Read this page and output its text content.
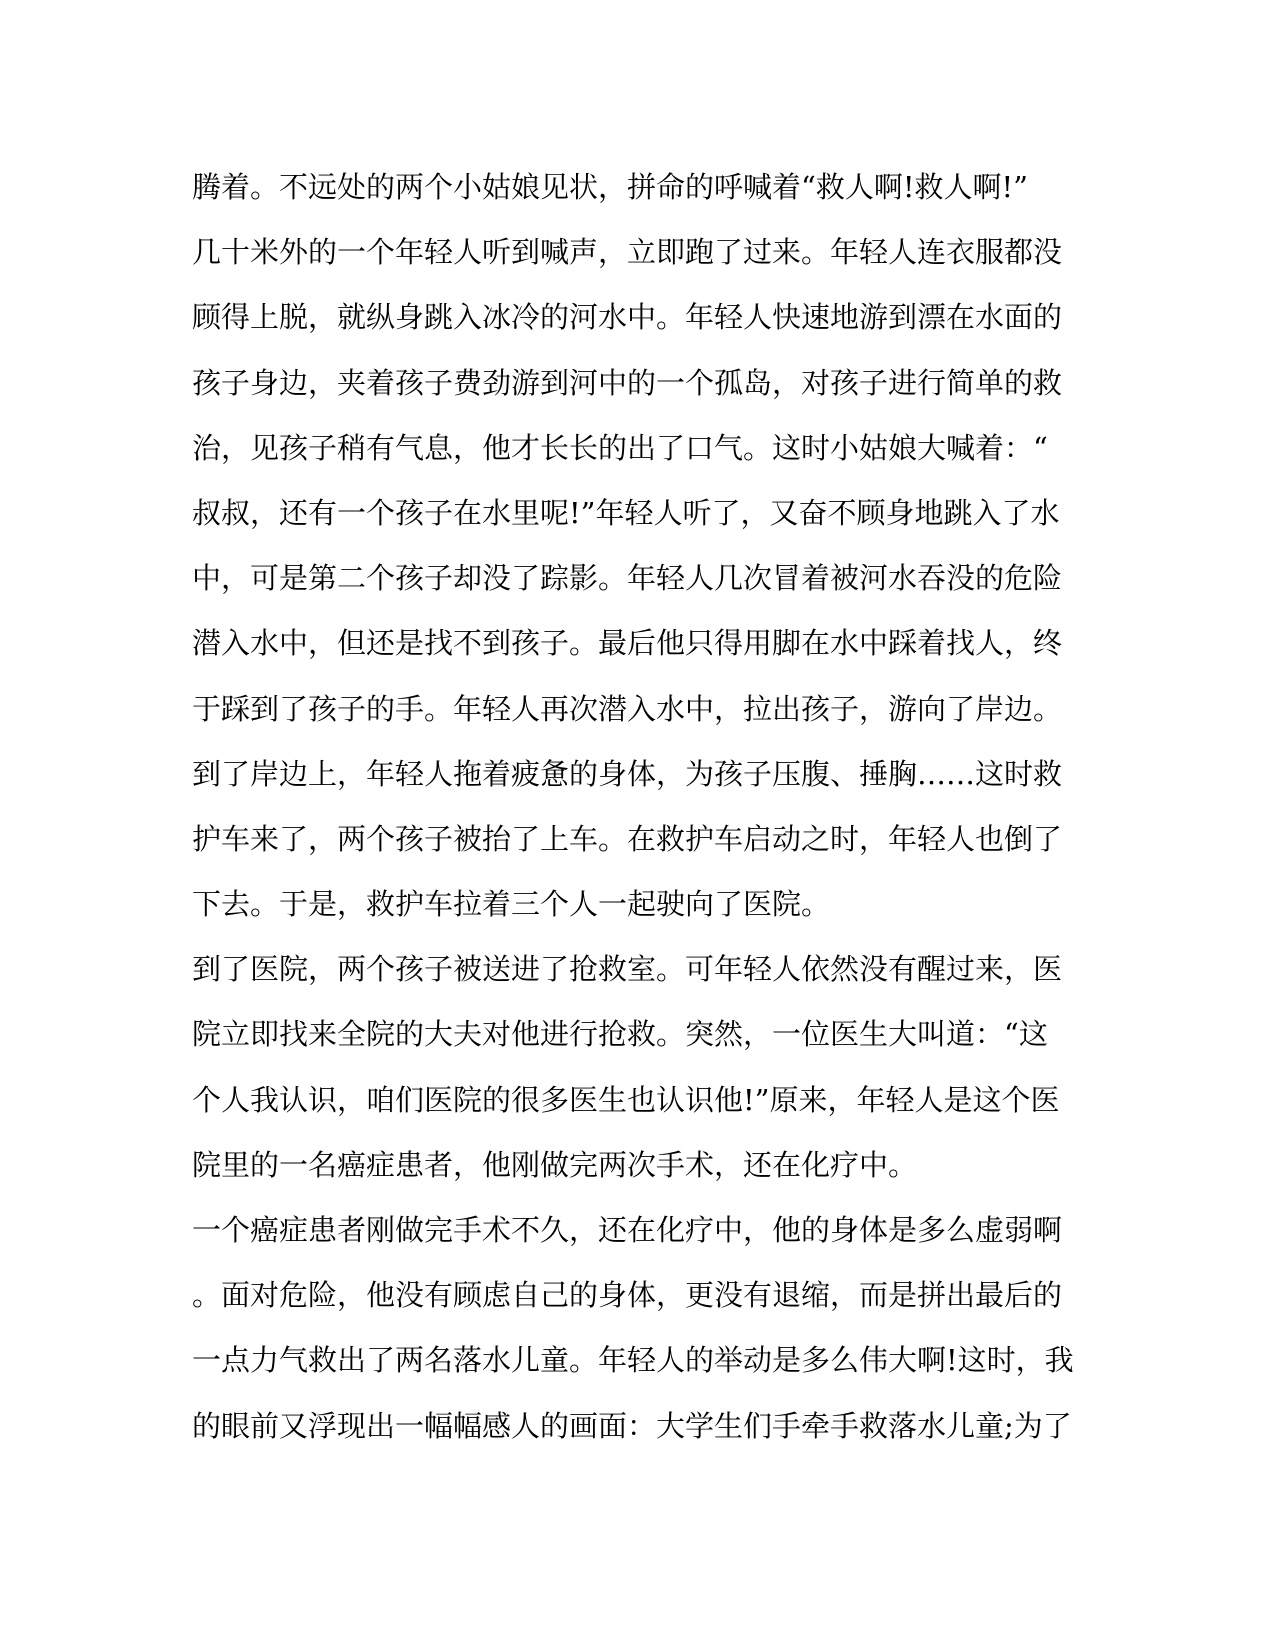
腾着。不远处的两个小姑娘见状，拼命的呼喊着“救人啊!救人啊!”
几十米外的一个年轻人听到喊声，立即跑了过来。年轻人连衣服都没
顾得上脱，就纵身跳入冰冷的河水中。年轻人快速地游到漂在水面的
孩子身边，夹着孩子费劲游到河中的一个孤岛，对孩子进行简单的救
治，见孩子稍有气息，他才长长的出了口气。这时小姑娘大喊着：“
叔叔，还有一个孩子在水里呢!”年轻人听了，又奋不顾身地跳入了水
中，可是第二个孩子却没了踪影。年轻人几次冒着被河水吞没的危险
潜入水中，但还是找不到孩子。最后他只得用脚在水中踩着找人，终
于踩到了孩子的手。年轻人再次潜入水中，拉出孩子，游向了岸边。
到了岸边上，年轻人拖着疲惫的身体，为孩子压腹、捶胸……这时救
护车来了，两个孩子被抬了上车。在救护车启动之时，年轻人也倒了
下去。于是，救护车拉着三个人一起驶向了医院。
到了医院，两个孩子被送进了抢救室。可年轻人依然没有醒过来，医
院立即找来全院的大夫对他进行抢救。突然，一位医生大叫道：“这
个人我认识，咱们医院的很多医生也认识他!”原来，年轻人是这个医
院里的一名癌症患者，他刚做完两次手术，还在化疗中。
一个癌症患者刚做完手术不久，还在化疗中，他的身体是多么虚弱啊
。面对危险，他没有顾虑自己的身体，更没有退缩，而是拼出最后的
一点力气救出了两名落水儿童。年轻人的举动是多么伟大啊!这时，我
的眼前又浮现出一幅幅感人的画面：大学生们手牵手救落水儿童;为了
